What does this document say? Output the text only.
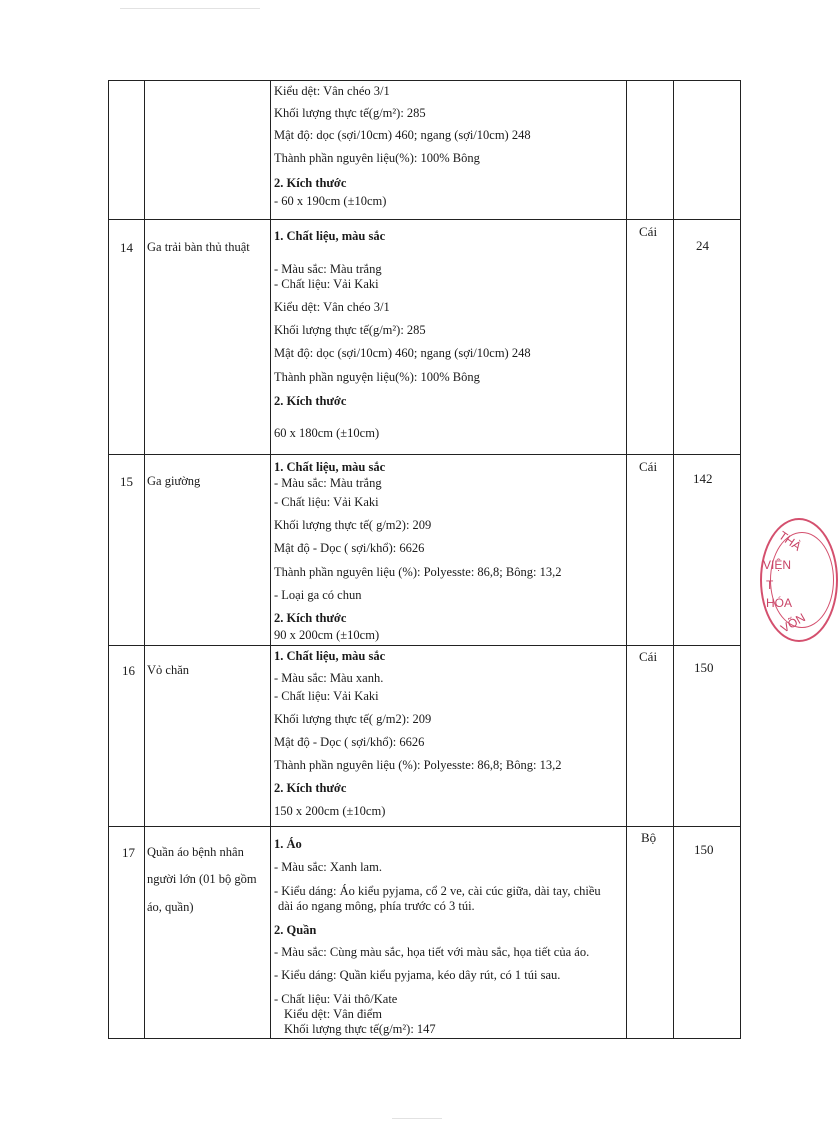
Kiểu dệt: Vân chéo 3/1
Khối lượng thực tế(g/m²): 285
Mật độ: dọc (sợi/10cm) 460; ngang (sợi/10cm) 248
Thành phần nguyên liệu(%): 100% Bông
2. Kích thước
- 60 x 190cm (±10cm)
14 Ga trải bàn thủ thuật
Cái
24
1. Chất liệu, màu sắc
- Màu sắc: Màu trắng
- Chất liệu: Vải Kaki
Kiểu dệt: Vân chéo 3/1
Khối lượng thực tế(g/m²): 285
Mật độ: dọc (sợi/10cm) 460; ngang (sợi/10cm) 248
Thành phần nguyện liệu(%): 100% Bông
2. Kích thước
60 x 180cm (±10cm)
15 Ga giường
Cái
142
1. Chất liệu, màu sắc
- Màu sắc: Màu trắng
- Chất liệu: Vải Kaki
Khối lượng thực tế( g/m2): 209
Mật độ - Dọc ( sợi/khổ): 6626
Thành phần nguyên liệu (%): Polyesste: 86,8; Bông: 13,2
- Loại ga có chun
2. Kích thước
90 x 200cm (±10cm)
16 Vỏ chăn
Cái
150
1. Chất liệu, màu sắc
- Màu sắc: Màu xanh.
- Chất liệu: Vải Kaki
Khối lượng thực tế( g/m2): 209
Mật độ - Dọc ( sợi/khổ): 6626
Thành phần nguyên liệu (%): Polyesste: 86,8; Bông: 13,2
2. Kích thước
150 x 200cm (±10cm)
17 Quần áo bệnh nhân
người lớn (01 bộ gồm
áo, quần)
Bộ
150
1. Áo
- Màu sắc: Xanh lam.
- Kiểu dáng: Áo kiểu pyjama, cổ 2 ve, cài cúc giữa, dài tay, chiều
dài áo ngang mông, phía trước có 3 túi.
2. Quần
- Màu sắc: Cùng màu sắc, họa tiết với màu sắc, họa tiết của áo.
- Kiểu dáng: Quần kiểu pyjama, kéo dây rút, có 1 túi sau.
- Chất liệu: Vải thô/Kate
Kiểu dệt: Vân điểm
Khối lượng thực tế(g/m²): 147
THÀ
VIỆN
T
HÓA
VÕN
